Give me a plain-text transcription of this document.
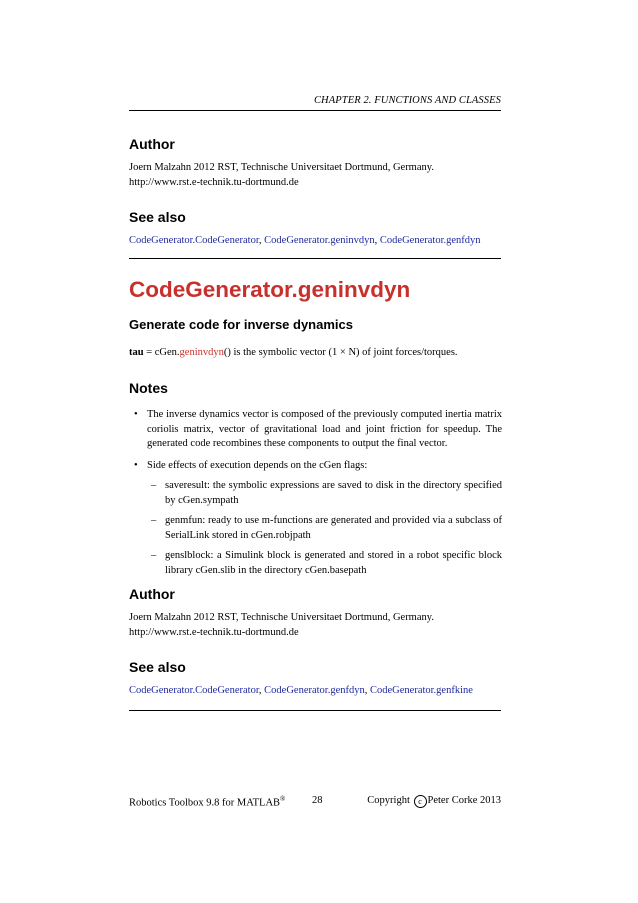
CHAPTER 2. FUNCTIONS AND CLASSES
Author

Joern Malzahn 2012 RST, Technische Universitaet Dortmund, Germany. http://www.rst.e-technik.tu-dortmund.de

See also

CodeGenerator.CodeGenerator, CodeGenerator.geninvdyn, CodeGenerator.genfdyn

CodeGenerator.geninvdyn
Generate code for inverse dynamics

tau = cGen.geninvdyn() is the symbolic vector (1 × N) of joint forces/torques.

Notes
• The inverse dynamics vector is composed of the previously computed inertia matrix coriolis matrix, vector of gravitational load and joint friction for speedup. The generated code recombines these components to output the final vector.
• Side effects of execution depends on the cGen flags:
– saveresult: the symbolic expressions are saved to disk in the directory specified by cGen.sympath
– genmfun: ready to use m-functions are generated and provided via a subclass of SerialLink stored in cGen.robjpath
– genslblock: a Simulink block is generated and stored in a robot specific block library cGen.slib in the directory cGen.basepath
Author

Joern Malzahn 2012 RST, Technische Universitaet Dortmund, Germany. http://www.rst.e-technik.tu-dortmund.de

See also

CodeGenerator.CodeGenerator, CodeGenerator.genfdyn, CodeGenerator.genfkine

Robotics Toolbox 9.8 for MATLAB®	28	Copyright c Peter Corke 2013
